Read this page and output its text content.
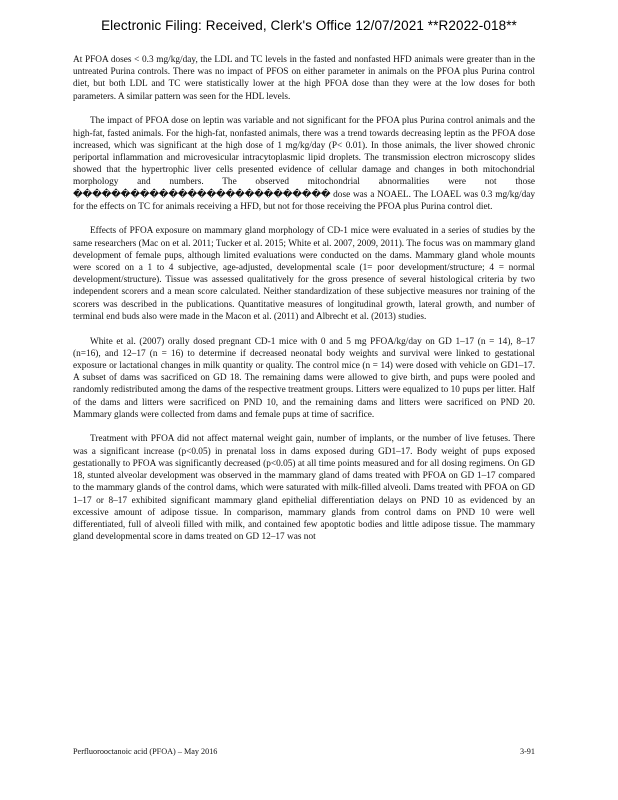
Electronic Filing: Received, Clerk's Office 12/07/2021 **R2022-018**

At PFOA doses < 0.3 mg/kg/day, the LDL and TC levels in the fasted and nonfasted HFD animals were greater than in the untreated Purina controls. There was no impact of PFOS on either parameter in animals on the PFOA plus Purina control diet, but both LDL and TC were statistically lower at the high PFOA dose than they were at the low doses for both parameters. A similar pattern was seen for the HDL levels.

The impact of PFOA dose on leptin was variable and not significant for the PFOA plus Purina control animals and the high-fat, fasted animals. For the high-fat, nonfasted animals, there was a trend towards decreasing leptin as the PFOA dose increased, which was significant at the high dose of 1 mg/kg/day (P< 0.01). In those animals, the liver showed chronic periportal inflammation and microvesicular intracytoplasmic lipid droplets. The transmission electron microscopy slides showed that the hypertrophic liver cells presented evidence of cellular damage and changes in both mitochondrial morphology and numbers. The observed mitochondrial abnormalities were not those ��������������������������� dose was a NOAEL. The LOAEL was 0.3 mg/kg/day for the effects on TC for animals receiving a HFD, but not for those receiving the PFOA plus Purina control diet.

Effects of PFOA exposure on mammary gland morphology of CD-1 mice were evaluated in a series of studies by the same researchers (Mac on et al. 2011; Tucker et al. 2015; White et al. 2007, 2009, 2011). The focus was on mammary gland development of female pups, although limited evaluations were conducted on the dams. Mammary gland whole mounts were scored on a 1 to 4 subjective, age-adjusted, developmental scale (1= poor development/structure; 4 = normal development/structure). Tissue was assessed qualitatively for the gross presence of several histological criteria by two independent scorers and a mean score calculated. Neither standardization of these subjective measures nor training of the scorers was described in the publications. Quantitative measures of longitudinal growth, lateral growth, and number of terminal end buds also were made in the Macon et al. (2011) and Albrecht et al. (2013) studies.

White et al. (2007) orally dosed pregnant CD-1 mice with 0 and 5 mg PFOA/kg/day on GD 1–17 (n = 14), 8–17 (n=16), and 12–17 (n = 16) to determine if decreased neonatal body weights and survival were linked to gestational exposure or lactational changes in milk quantity or quality. The control mice (n = 14) were dosed with vehicle on GD1–17. A subset of dams was sacrificed on GD 18. The remaining dams were allowed to give birth, and pups were pooled and randomly redistributed among the dams of the respective treatment groups. Litters were equalized to 10 pups per litter. Half of the dams and litters were sacrificed on PND 10, and the remaining dams and litters were sacrificed on PND 20. Mammary glands were collected from dams and female pups at time of sacrifice.

Treatment with PFOA did not affect maternal weight gain, number of implants, or the number of live fetuses. There was a significant increase (p<0.05) in prenatal loss in dams exposed during GD1–17. Body weight of pups exposed gestationally to PFOA was significantly decreased (p<0.05) at all time points measured and for all dosing regimens. On GD 18, stunted alveolar development was observed in the mammary gland of dams treated with PFOA on GD 1–17 compared to the mammary glands of the control dams, which were saturated with milk-filled alveoli. Dams treated with PFOA on GD 1–17 or 8–17 exhibited significant mammary gland epithelial differentiation delays on PND 10 as evidenced by an excessive amount of adipose tissue. In comparison, mammary glands from control dams on PND 10 were well differentiated, full of alveoli filled with milk, and contained few apoptotic bodies and little adipose tissue. The mammary gland developmental score in dams treated on GD 12–17 was not

Perfluorooctanoic acid (PFOA) – May 2016	3-91
